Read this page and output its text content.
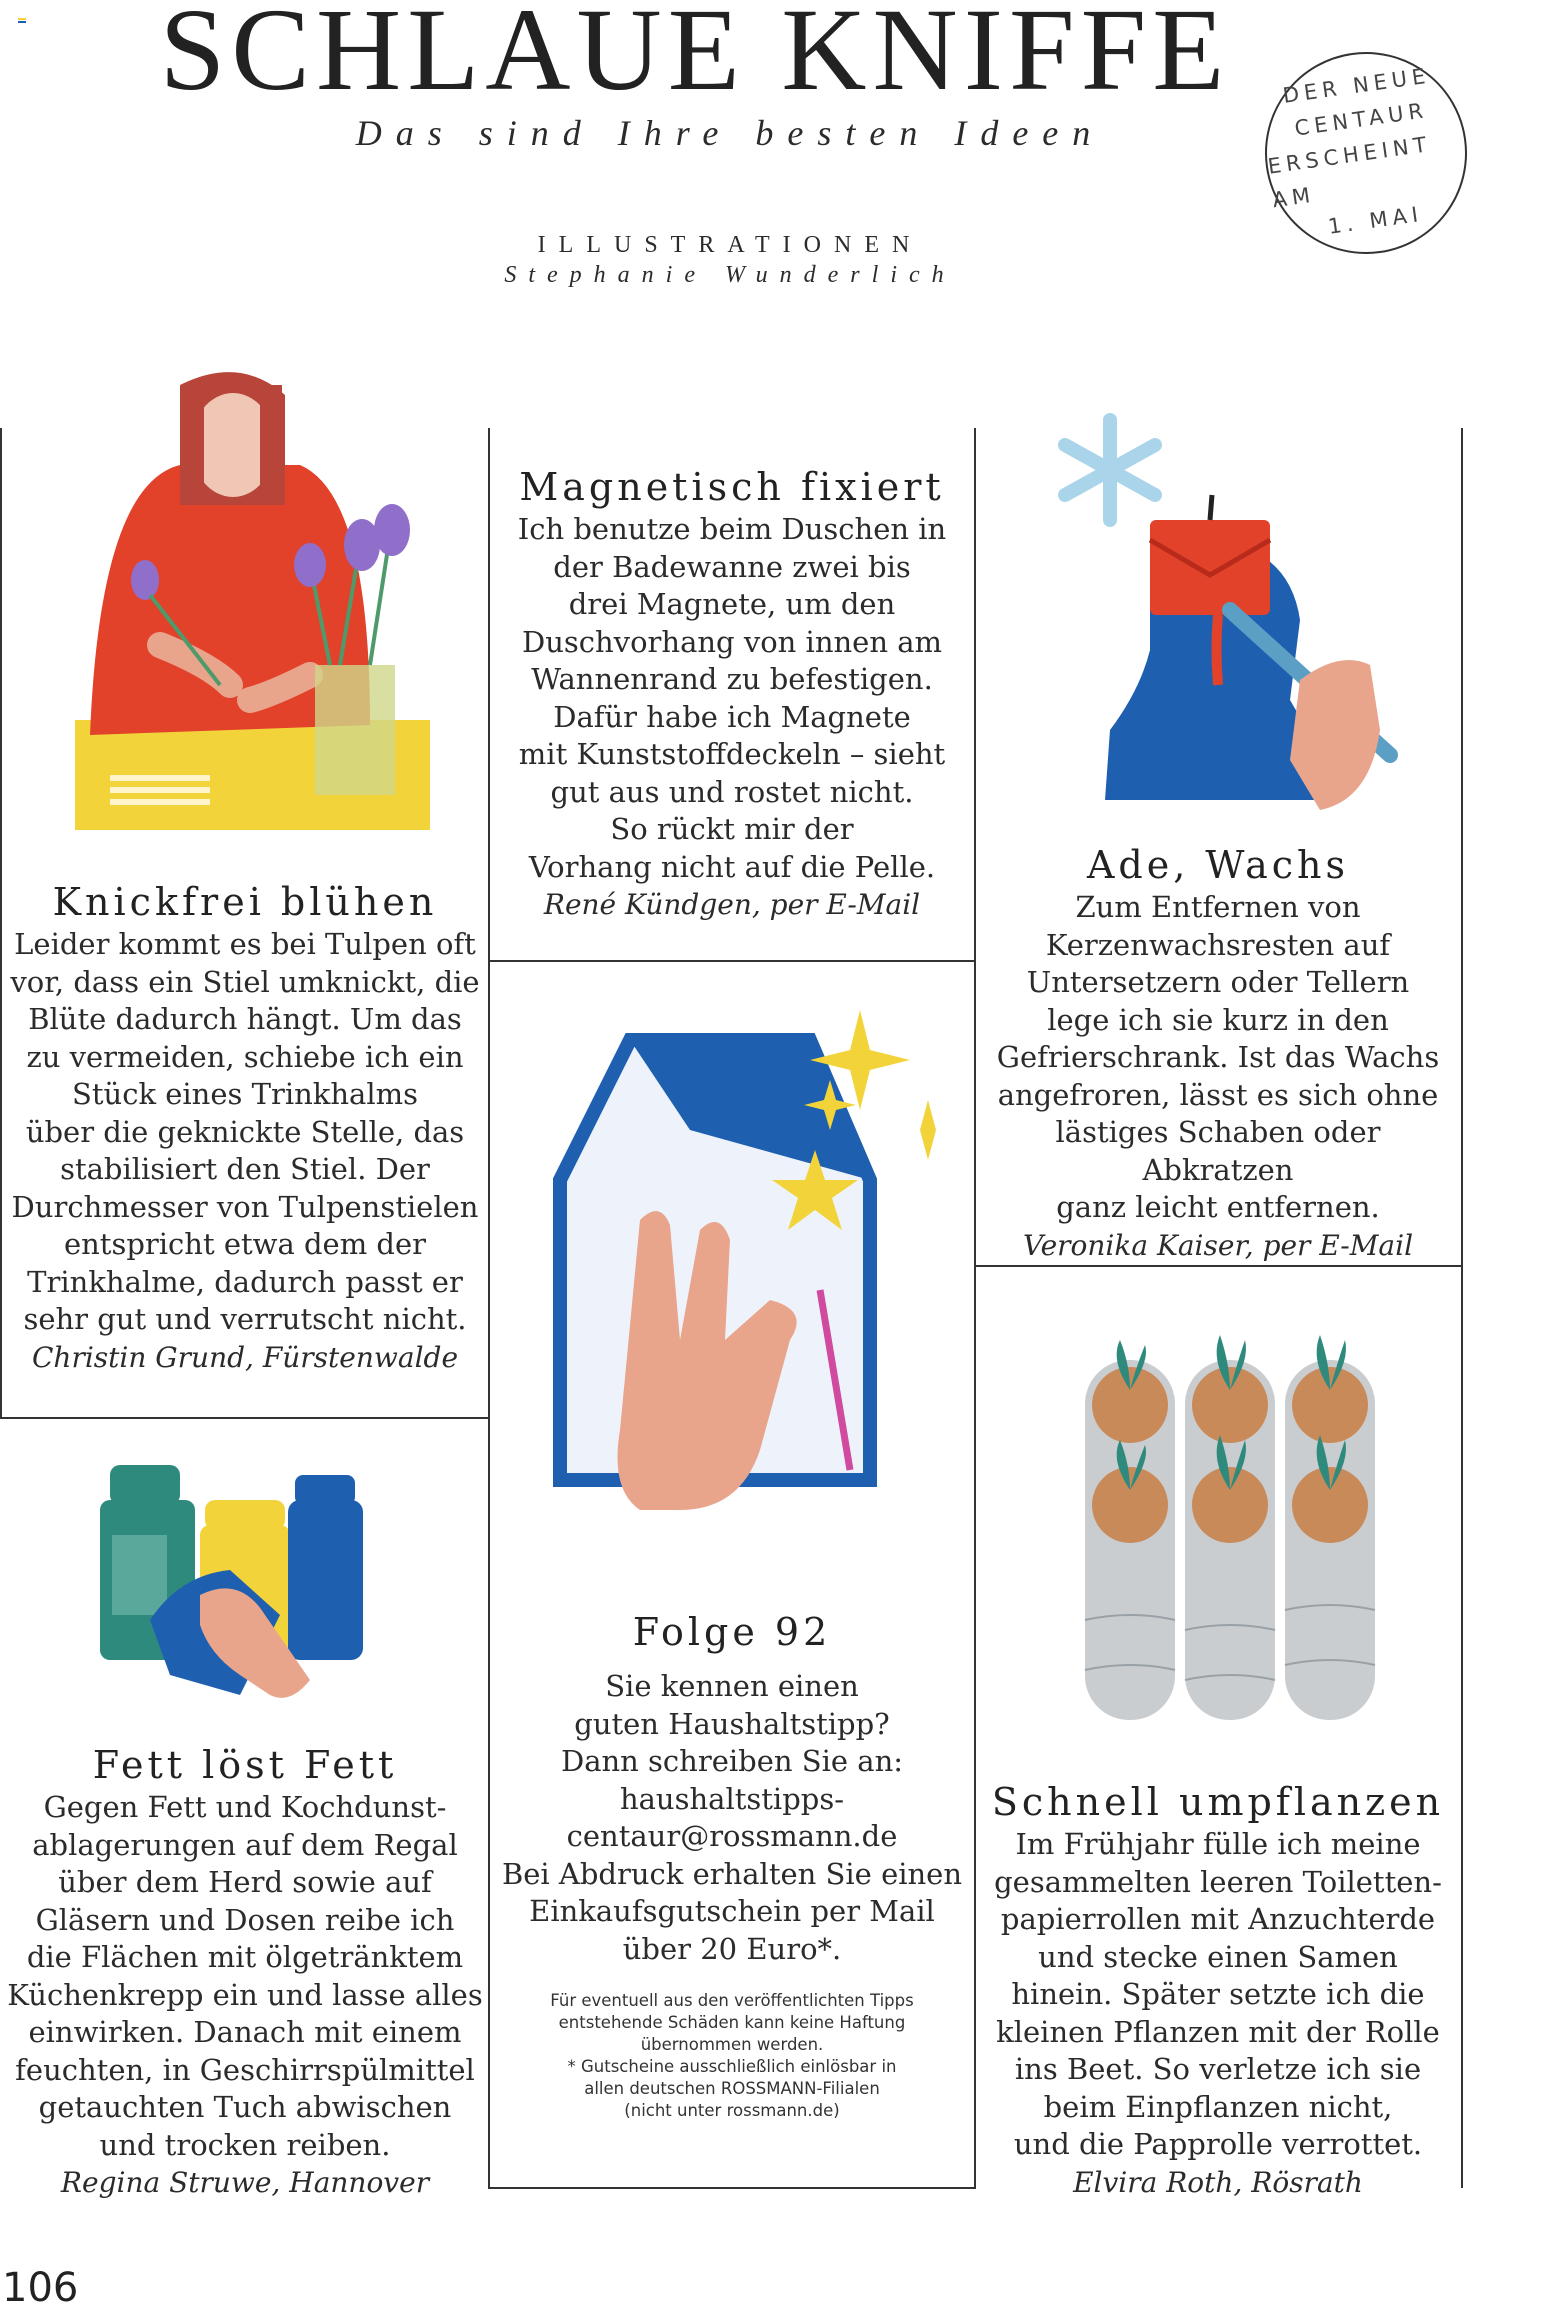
SCHLAUE KNIFFE
Das sind Ihre besten Ideen
ILLUSTRATIONEN
Stephanie Wunderlich
DER NEUE
CENTAUR
ERSCHEINT AM
1. MAI
Knickfrei blühen
Leider kommt es bei Tulpen oft
vor, dass ein Stiel umknickt, die
Blüte dadurch hängt. Um das
zu vermeiden, schiebe ich ein
Stück eines Trinkhalms
über die geknickte Stelle, das
stabilisiert den Stiel. Der
Durchmesser von Tulpenstielen
entspricht etwa dem der
Trinkhalme, dadurch passt er
sehr gut und verrutscht nicht.
Christin Grund, Fürstenwalde
Magnetisch fixiert
Ich benutze beim Duschen in
der Badewanne zwei bis
drei Magnete, um den
Duschvorhang von innen am
Wannenrand zu befestigen.
Dafür habe ich Magnete
mit Kunststoffdeckeln – sieht
gut aus und rostet nicht.
So rückt mir der
Vorhang nicht auf die Pelle.
René Kündgen, per E-Mail
Folge 92
Sie kennen einen
guten Haushaltstipp?
Dann schreiben Sie an:
haushaltstipps-
centaur@rossmann.de
Bei Abdruck erhalten Sie einen
Einkaufsgutschein per Mail
über 20 Euro*.
Für eventuell aus den veröffentlichten Tipps
entstehende Schäden kann keine Haftung
übernommen werden.
* Gutscheine ausschließlich einlösbar in
allen deutschen ROSSMANN-Filialen
(nicht unter rossmann.de)
Ade, Wachs
Zum Entfernen von
Kerzenwachsresten auf
Untersetzern oder Tellern
lege ich sie kurz in den
Gefrierschrank. Ist das Wachs
angefroren, lässt es sich ohne
lästiges Schaben oder Abkratzen
ganz leicht entfernen.
Veronika Kaiser, per E-Mail
Fett löst Fett
Gegen Fett und Kochdunst-
ablagerungen auf dem Regal
über dem Herd sowie auf
Gläsern und Dosen reibe ich
die Flächen mit ölgetränktem
Küchenkrepp ein und lasse alles
einwirken. Danach mit einem
feuchten, in Geschirrspülmittel
getauchten Tuch abwischen
und trocken reiben.
Regina Struwe, Hannover
Schnell umpflanzen
Im Frühjahr fülle ich meine
gesammelten leeren Toiletten-
papierrollen mit Anzuchterde
und stecke einen Samen
hinein. Später setzte ich die
kleinen Pflanzen mit der Rolle
ins Beet. So verletze ich sie
beim Einpflanzen nicht,
und die Papprolle verrottet.
Elvira Roth, Rösrath
106
